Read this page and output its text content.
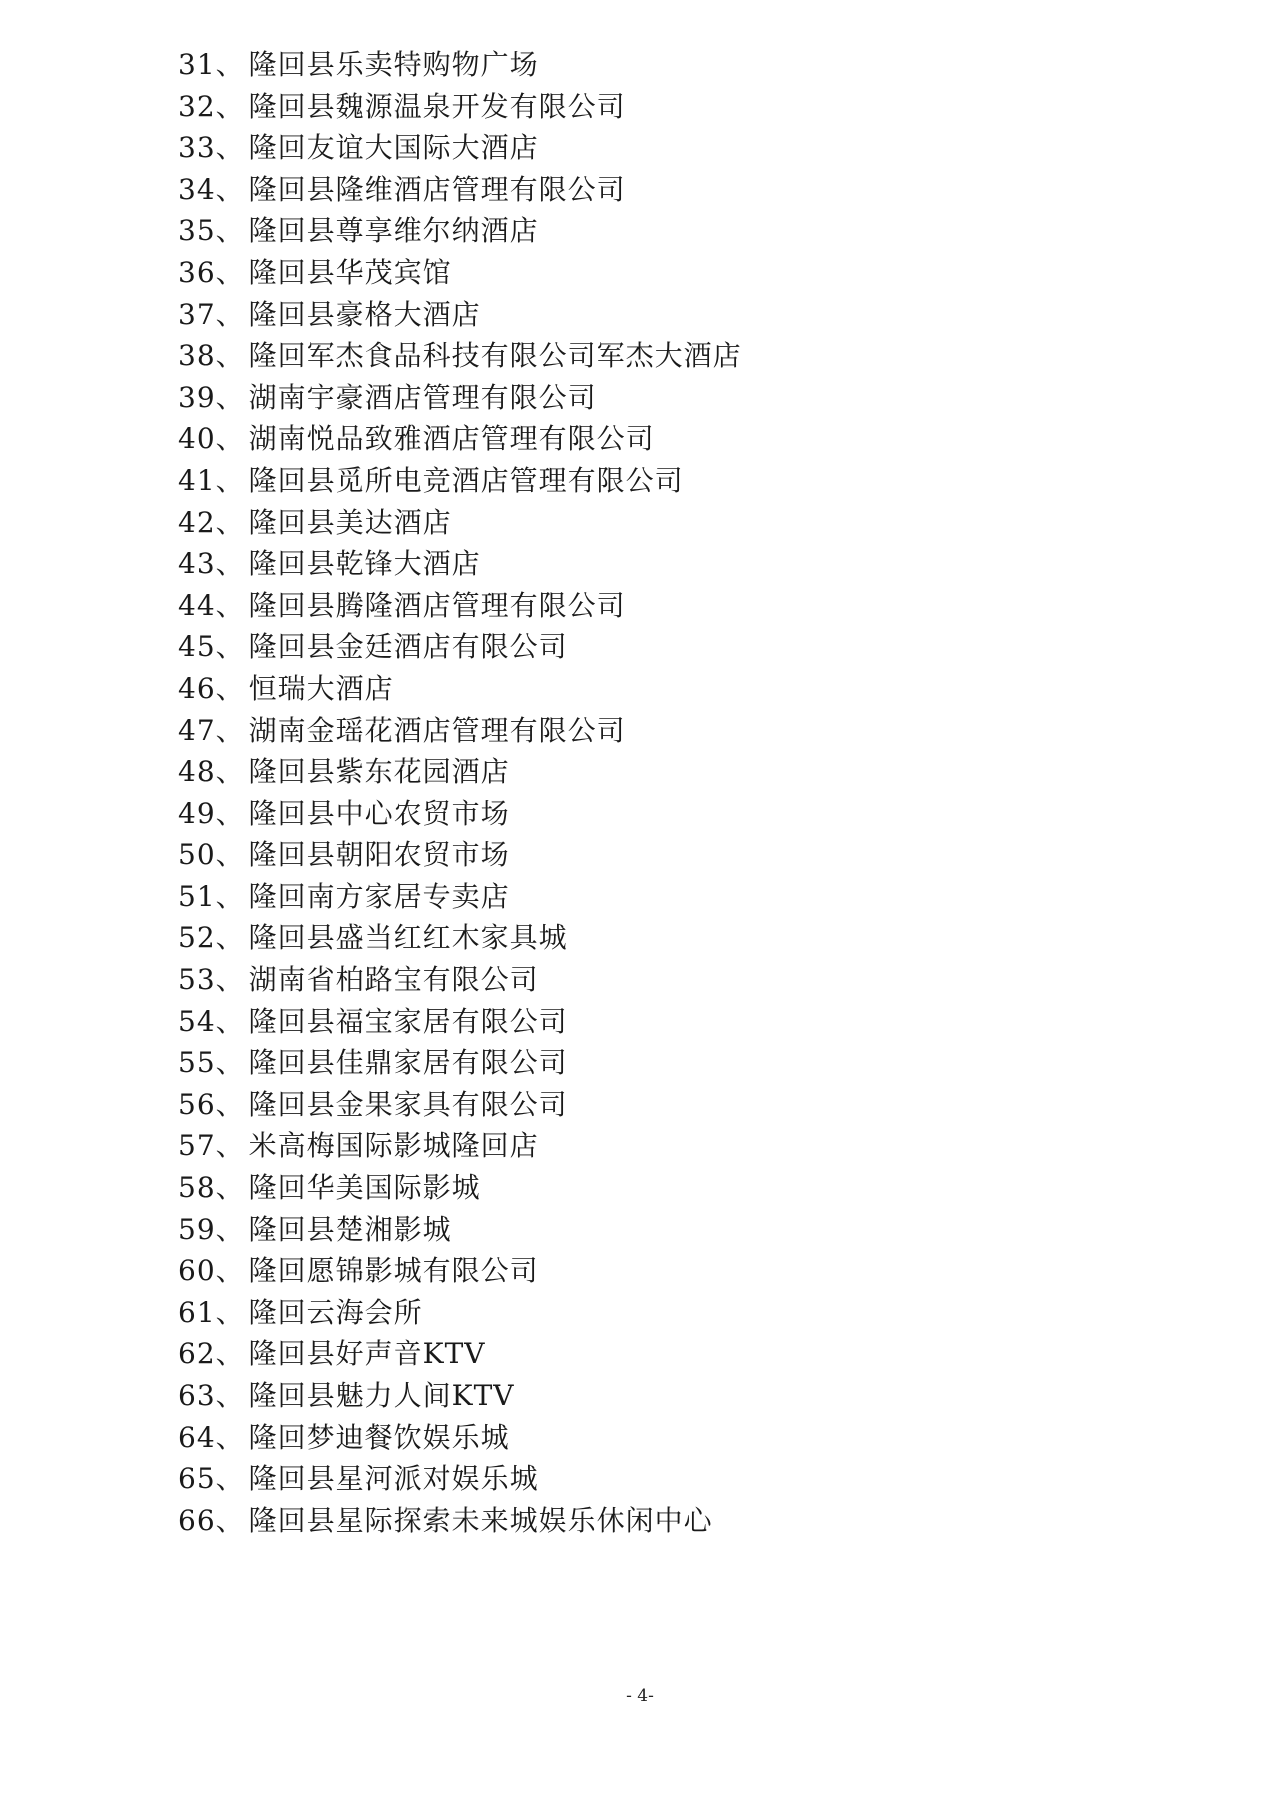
31、 隆回县乐卖特购物广场
32、 隆回县魏源温泉开发有限公司
33、 隆回友谊大国际大酒店
34、 隆回县隆维酒店管理有限公司
35、 隆回县尊享维尔纳酒店
36、 隆回县华茂宾馆
37、 隆回县豪格大酒店
38、 隆回军杰食品科技有限公司军杰大酒店
39、 湖南宇豪酒店管理有限公司
40、 湖南悦品致雅酒店管理有限公司
41、 隆回县觅所电竞酒店管理有限公司
42、 隆回县美达酒店
43、 隆回县乾锋大酒店
44、 隆回县腾隆酒店管理有限公司
45、 隆回县金廷酒店有限公司
46、 恒瑞大酒店
47、 湖南金瑶花酒店管理有限公司
48、 隆回县紫东花园酒店
49、 隆回县中心农贸市场
50、 隆回县朝阳农贸市场
51、 隆回南方家居专卖店
52、 隆回县盛当红红木家具城
53、 湖南省柏路宝有限公司
54、 隆回县福宝家居有限公司
55、 隆回县佳鼎家居有限公司
56、 隆回县金果家具有限公司
57、 米高梅国际影城隆回店
58、 隆回华美国际影城
59、 隆回县楚湘影城
60、 隆回愿锦影城有限公司
61、 隆回云海会所
62、 隆回县好声音KTV
63、 隆回县魅力人间KTV
64、 隆回梦迪餐饮娱乐城
65、 隆回县星河派对娱乐城
66、 隆回县星际探索未来城娱乐休闲中心
- 4-
